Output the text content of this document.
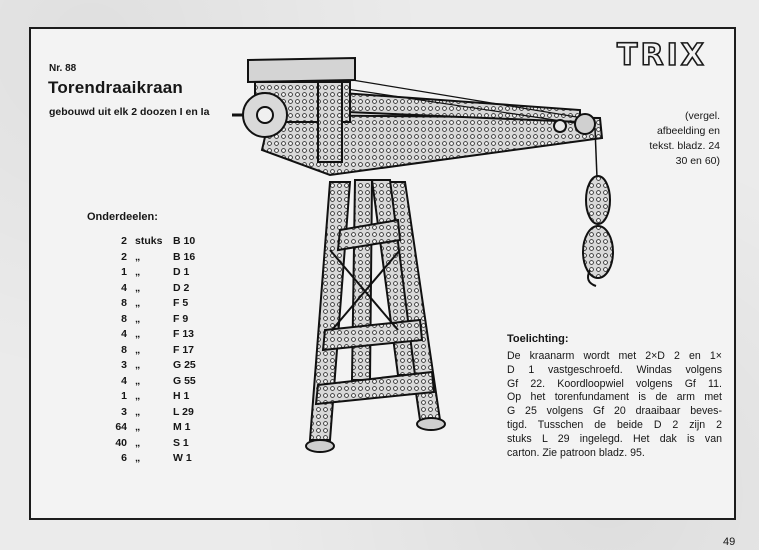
TRIX
Nr. 88
Torendraaikraan
gebouwd uit elk 2 doozen I en Ia	(vergel.
afbeelding en
tekst. bladz. 24
30 en 60)
Onderdeelen:
2 stuks B 10
2 „	B 16
1 „	D 1
4 „	D 2
8 „	F 5
8 „	F 9
4 „	F 13
8 „	F 17
3 „	G 25
4 „	G 55
1 „	H 1
3 „	L 29
64 „	M 1
40 „	S 1
6 „	W 1
Toelichting:
De kraanarm wordt met 2×D 2 en 1×
D 1 vastgeschroefd. Windas volgens
Gf 22. Koordloopwiel volgens Gf 11.
Op het torenfundament is de arm met
G 25 volgens Gf 20 draaibaar beves-
tigd. Tusschen de beide D 2 zijn 2
stuks L 29 ingelegd. Het dak is van
carton. Zie patroon bladz. 95.
49
